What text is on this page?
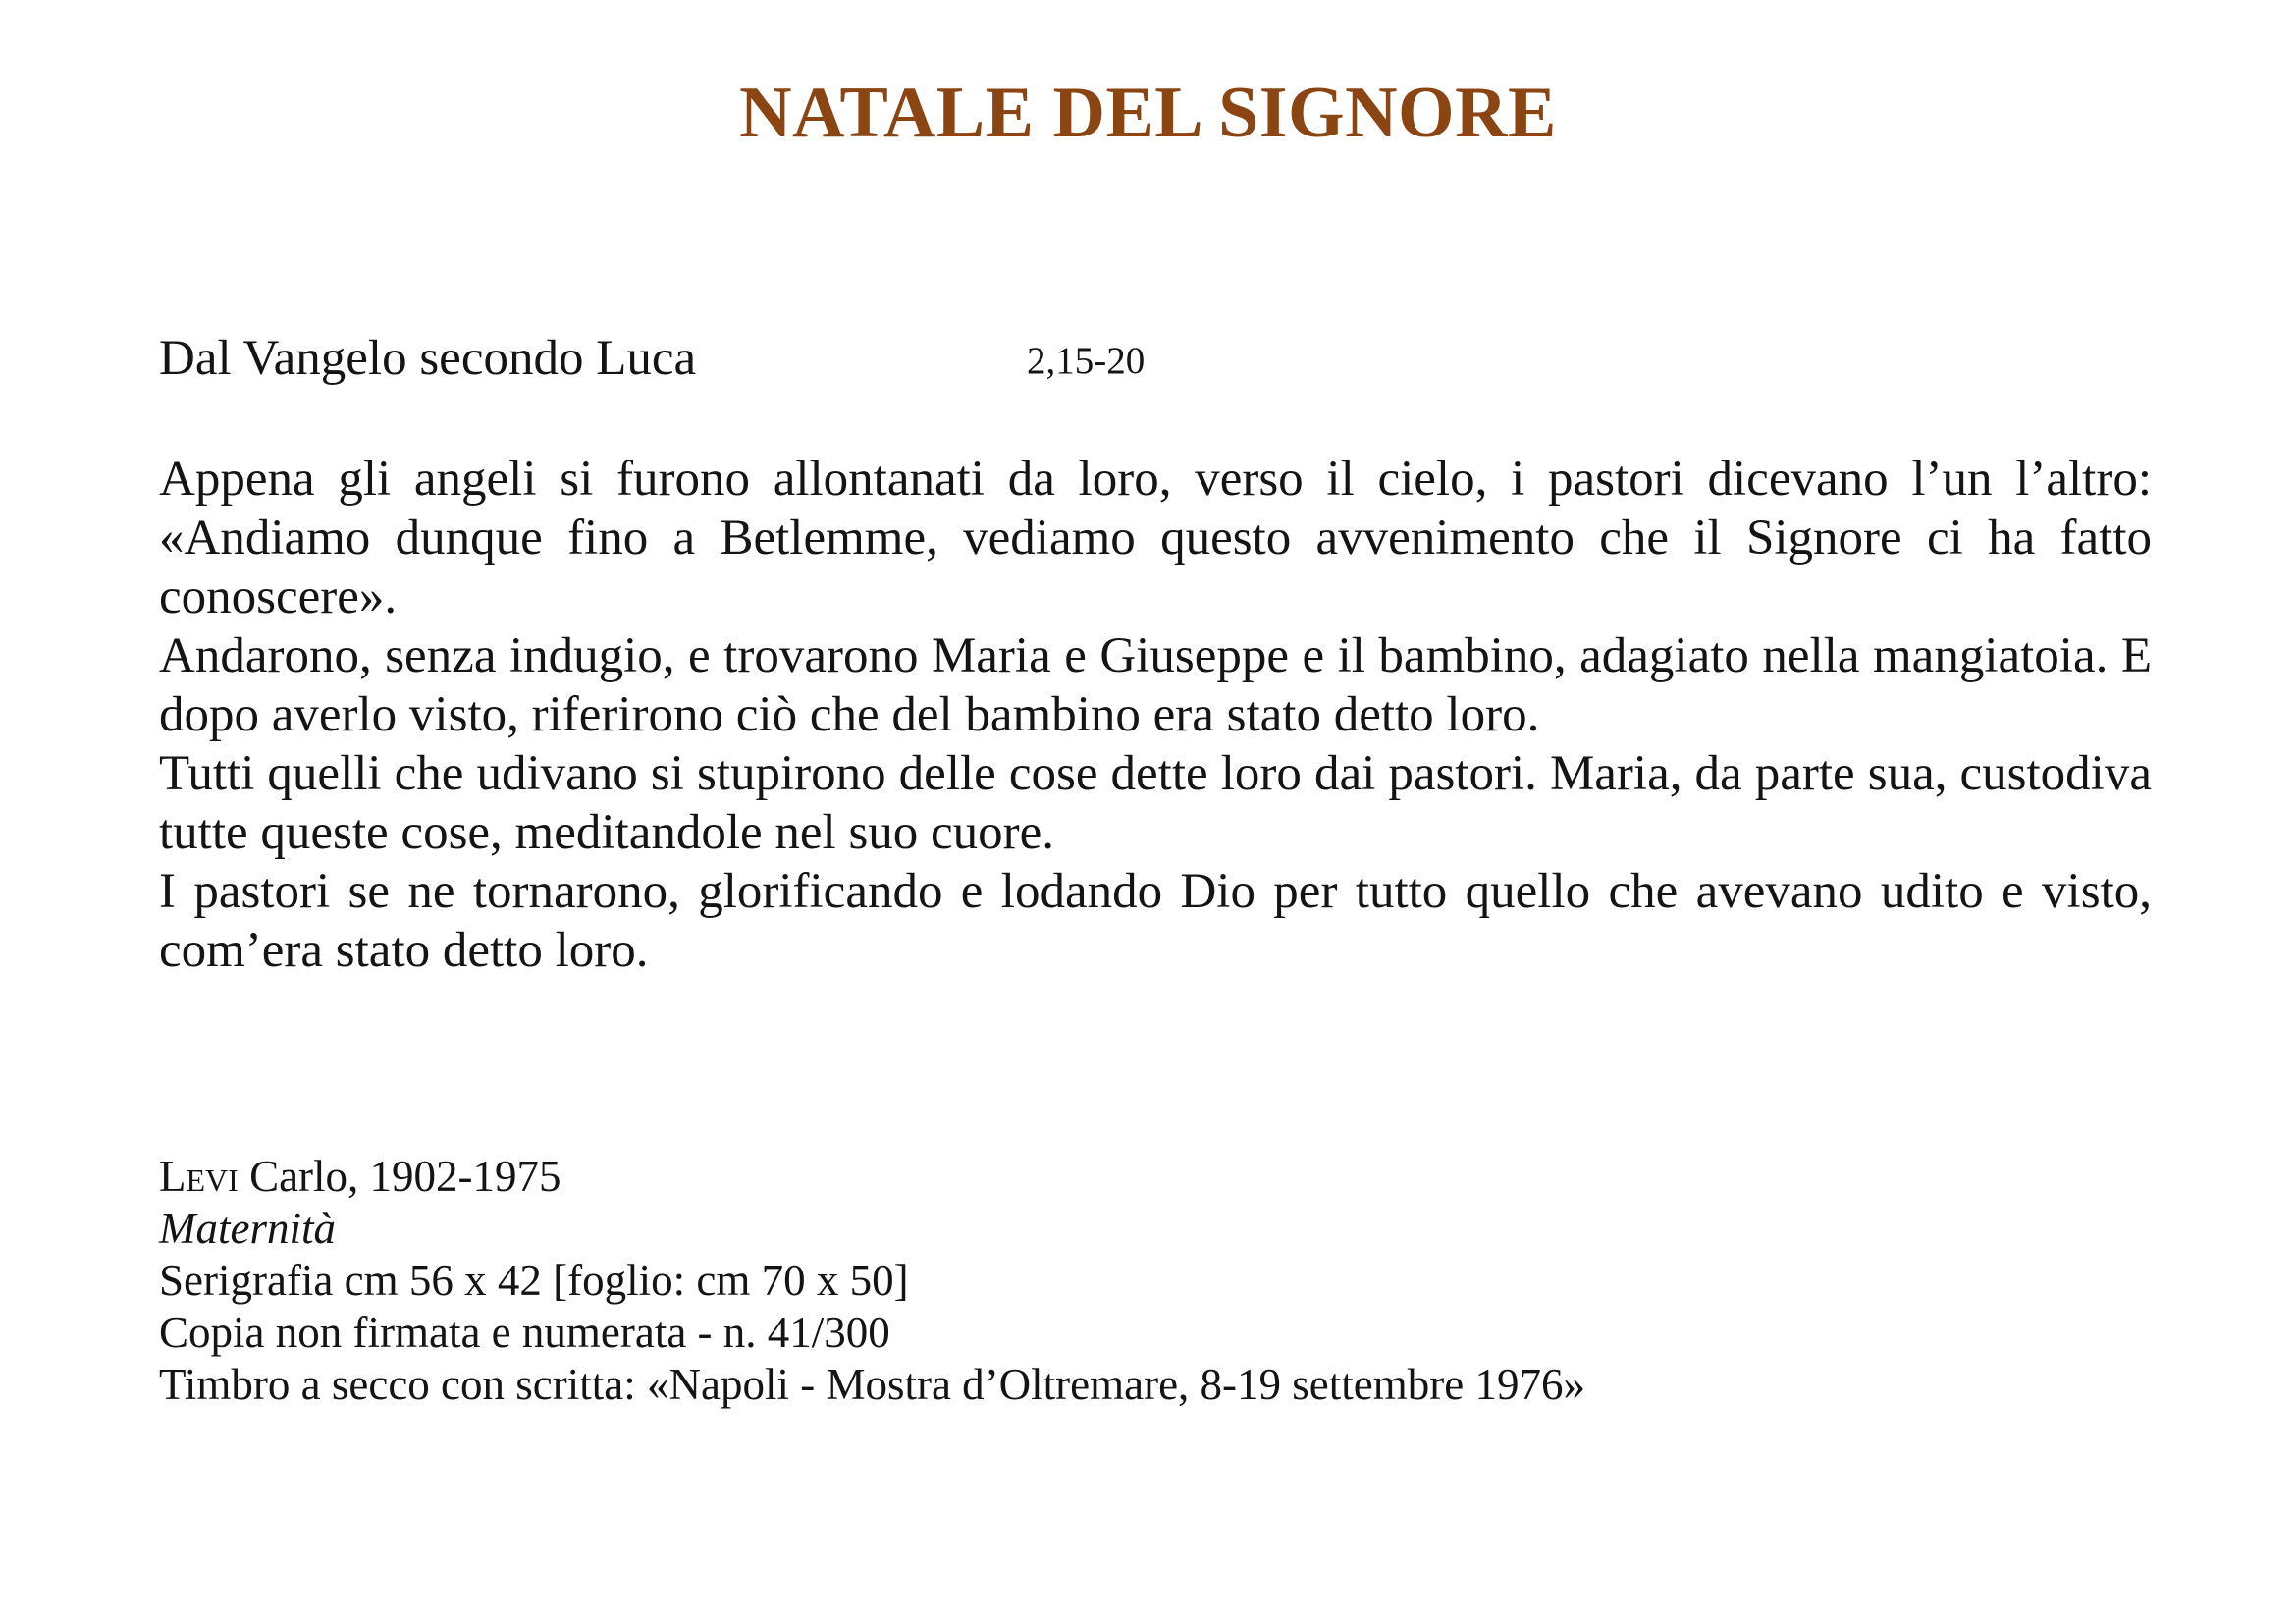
NATALE DEL SIGNORE
Dal Vangelo secondo Luca	2,15-20

Appena gli angeli si furono allontanati da loro, verso il cielo, i pastori dicevano l’un l’altro: «Andiamo dunque fino a Betlemme, vediamo questo avvenimento che il Signore ci ha fatto conoscere».

Andarono, senza indugio, e trovarono Maria e Giuseppe e il bambino, adagiato nella mangiatoia. E dopo averlo visto, riferirono ciò che del bambino era stato detto loro.

Tutti quelli che udivano si stupirono delle cose dette loro dai pastori. Maria, da parte sua, custodiva tutte queste cose, meditandole nel suo cuore.

I pastori se ne tornarono, glorificando e lodando Dio per tutto quello che avevano udito e visto, com’era stato detto loro.

Levi Carlo, 1902-1975
Maternità
Serigrafia cm 56 x 42 [foglio: cm 70 x 50]
Copia non firmata e numerata - n. 41/300
Timbro a secco con scritta: «Napoli - Mostra d’Oltremare, 8-19 settembre 1976»
